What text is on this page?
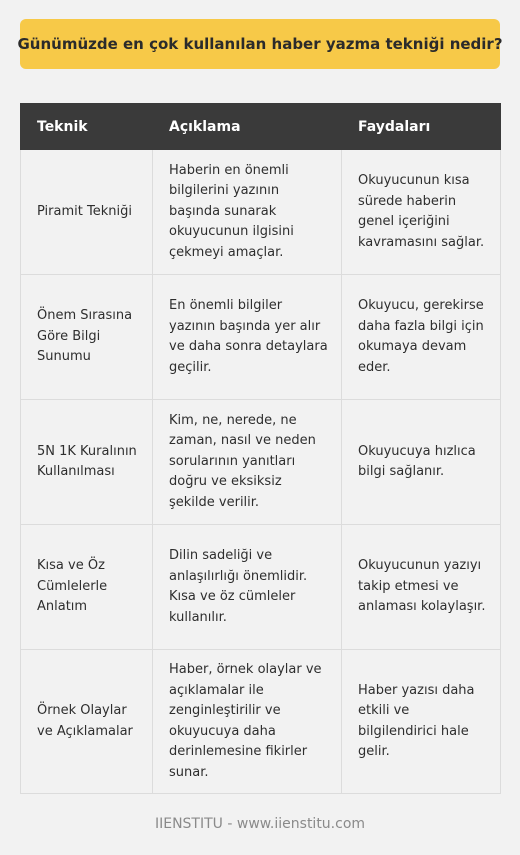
Günümüzde en çok kullanılan haber yazma tekniği nedir?
Teknik	Açıklama	Faydaları
Piramit Tekniği	Haberin en önemli bilgilerini yazının başında sunarak okuyucunun ilgisini çekmeyi amaçlar.	Okuyucunun kısa sürede haberin genel içeriğini kavramasını sağlar.
Önem Sırasına Göre Bilgi Sunumu	En önemli bilgiler yazının başında yer alır ve daha sonra detaylara geçilir.	Okuyucu, gerekirse daha fazla bilgi için okumaya devam eder.
5N 1K Kuralının Kullanılması	Kim, ne, nerede, ne zaman, nasıl ve neden sorularının yanıtları doğru ve eksiksiz şekilde verilir.	Okuyucuya hızlıca bilgi sağlanır.
Kısa ve Öz Cümlelerle Anlatım	Dilin sadeliği ve anlaşılırlığı önemlidir. Kısa ve öz cümleler kullanılır.	Okuyucunun yazıyı takip etmesi ve anlaması kolaylaşır.
Örnek Olaylar ve Açıklamalar	Haber, örnek olaylar ve açıklamalar ile zenginleştirilir ve okuyucuya daha derinlemesine fikirler sunar.	Haber yazısı daha etkili ve bilgilendirici hale gelir.
IIENSTITU - www.iienstitu.com
